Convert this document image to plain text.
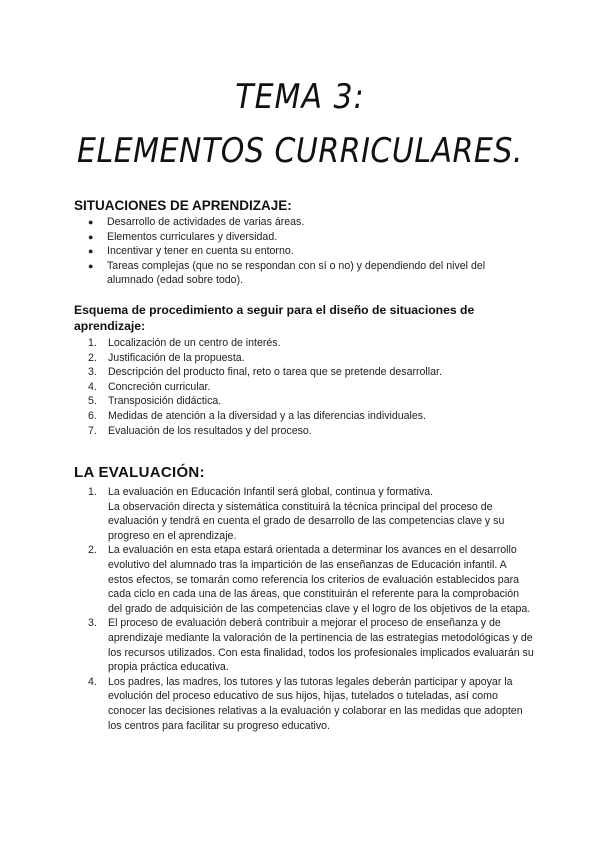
TEMA 3:
ELEMENTOS CURRICULARES.
SITUACIONES DE APRENDIZAJE:
● Desarrollo de actividades de varias áreas.
● Elementos curriculares y diversidad.
● Incentivar y tener en cuenta su entorno.
● Tareas complejas (que no se respondan con sí o no) y dependiendo del nivel del alumnado (edad sobre todo).
Esquema de procedimiento a seguir para el diseño de situaciones de aprendizaje:
1. Localización de un centro de interés.
2. Justificación de la propuesta.
3. Descripción del producto final, reto o tarea que se pretende desarrollar.
4. Concreción curricular.
5. Transposición didáctica.
6. Medidas de atención a la diversidad y a las diferencias individuales.
7. Evaluación de los resultados y del proceso.
LA EVALUACIÓN:
1. La evaluación en Educación Infantil será global, continua y formativa.
La observación directa y sistemática constituirá la técnica principal del proceso de evaluación y tendrá en cuenta el grado de desarrollo de las competencias clave y su progreso en el aprendizaje.
2. La evaluación en esta etapa estará orientada a determinar los avances en el desarrollo evolutivo del alumnado tras la impartición de las enseñanzas de Educación infantil. A estos efectos, se tomarán como referencia los criterios de evaluación establecidos para cada ciclo en cada una de las áreas, que constituirán el referente para la comprobación del grado de adquisición de las competencias clave y el logro de los objetivos de la etapa.
3. El proceso de evaluación deberá contribuir a mejorar el proceso de enseñanza y de aprendizaje mediante la valoración de la pertinencia de las estrategias metodológicas y de los recursos utilizados. Con esta finalidad, todos los profesionales implicados evaluarán su propia práctica educativa.
4. Los padres, las madres, los tutores y las tutoras legales deberán participar y apoyar la evolución del proceso educativo de sus hijos, hijas, tutelados o tuteladas, así como conocer las decisiones relativas a la evaluación y colaborar en las medidas que adopten los centros para facilitar su progreso educativo.
